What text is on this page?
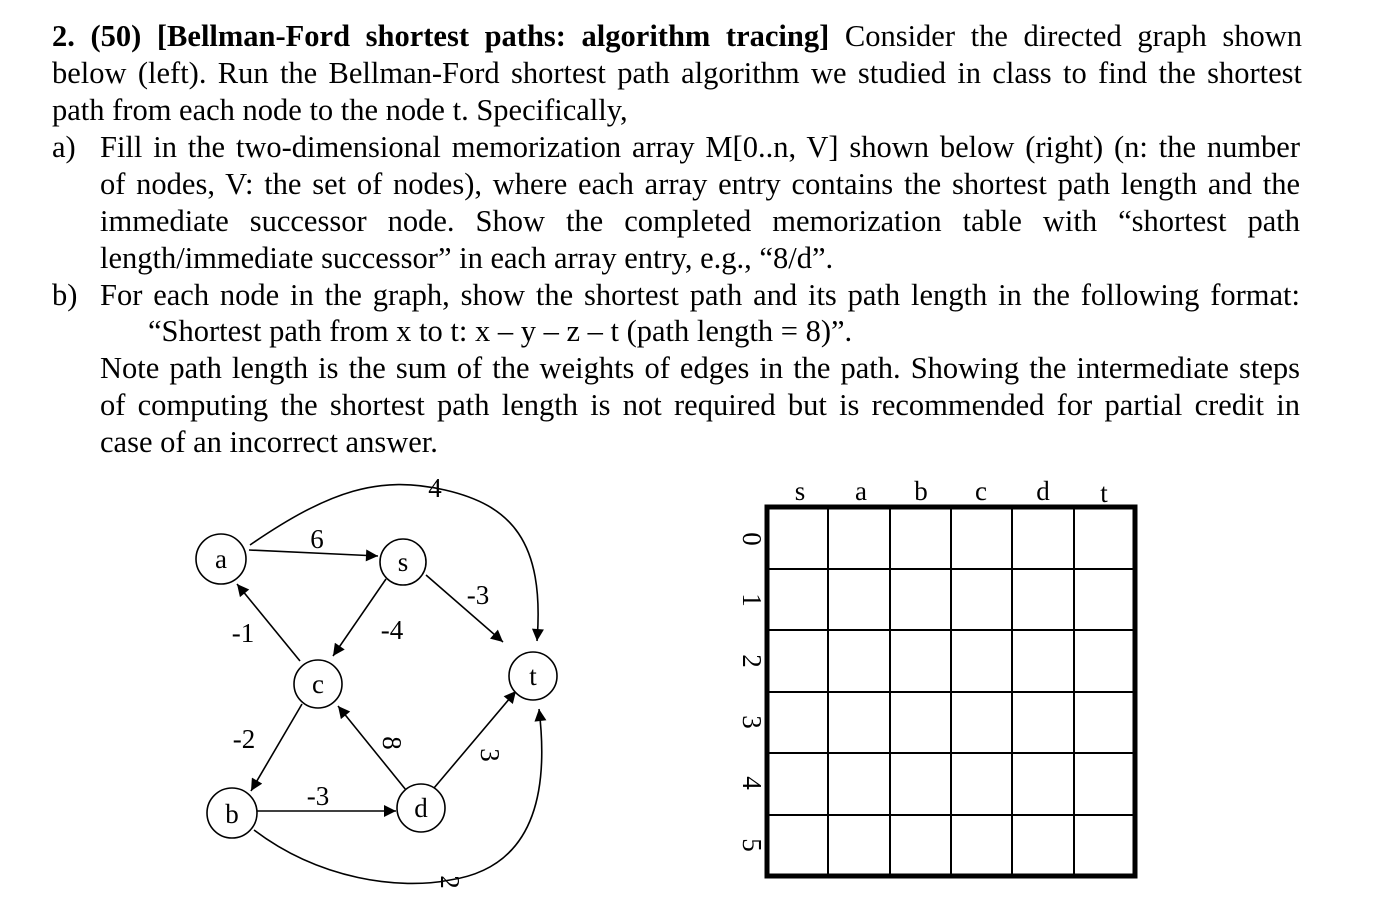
2. (50) [Bellman-Ford shortest paths: algorithm tracing] Consider the directed graph shown
below (left). Run the Bellman-Ford shortest path algorithm we studied in class to find the shortest
path from each node to the node t. Specifically,
a) Fill in the two-dimensional memorization array M[0..n, V] shown below (right) (n: the number
of nodes, V: the set of nodes), where each array entry contains the shortest path length and the
immediate successor node. Show the completed memorization table with “shortest path
length/immediate successor” in each array entry, e.g., “8/d”.
b) For each node in the graph, show the shortest path and its path length in the following format:
“Shortest path from x to t: x – y – z – t (path length = 8)”.
Note path length is the sum of the weights of edges in the path. Showing the intermediate steps
of computing the shortest path length is not required but is recommended for partial credit in
case of an incorrect answer.
a	s
c	t
b	d
4
6
-3
-4
-1
-2	8
3
-3
2
s a b c d t
0
1
2
3
4
5
